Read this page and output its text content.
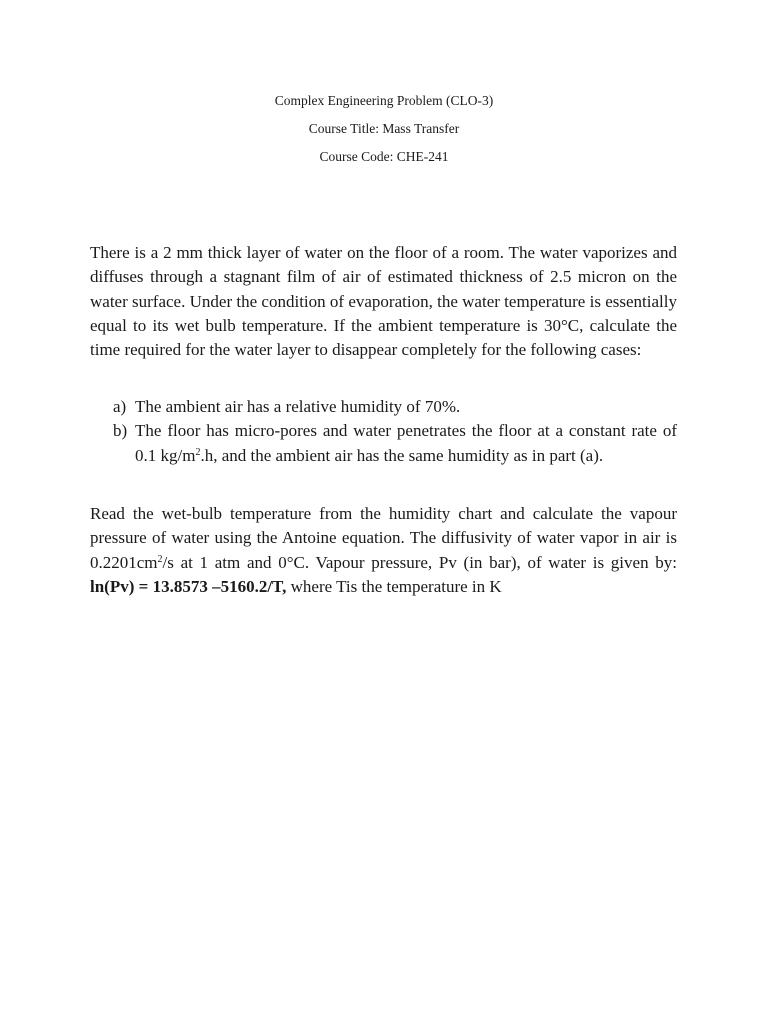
Complex Engineering Problem (CLO-3)
Course Title: Mass Transfer
Course Code: CHE-241
There is a 2 mm thick layer of water on the floor of a room. The water vaporizes and diffuses through a stagnant film of air of estimated thickness of 2.5 micron on the water surface. Under the condition of evaporation, the water temperature is essentially equal to its wet bulb temperature. If the ambient temperature is 30°C, calculate the time required for the water layer to disappear completely for the following cases:
a) The ambient air has a relative humidity of 70%.
b) The floor has micro-pores and water penetrates the floor at a constant rate of 0.1 $kg/m^2.h$, and the ambient air has the same humidity as in part (a).
Read the wet-bulb temperature from the humidity chart and calculate the vapour pressure of water using the Antoine equation. The diffusivity of water vapor in air is $0.2201cm^2/s$ at 1 atm and 0°C. Vapour pressure, Pv (in bar), of water is given by: ln(Pv) = 13.8573 –5160.2/T, where Tis the temperature in K
